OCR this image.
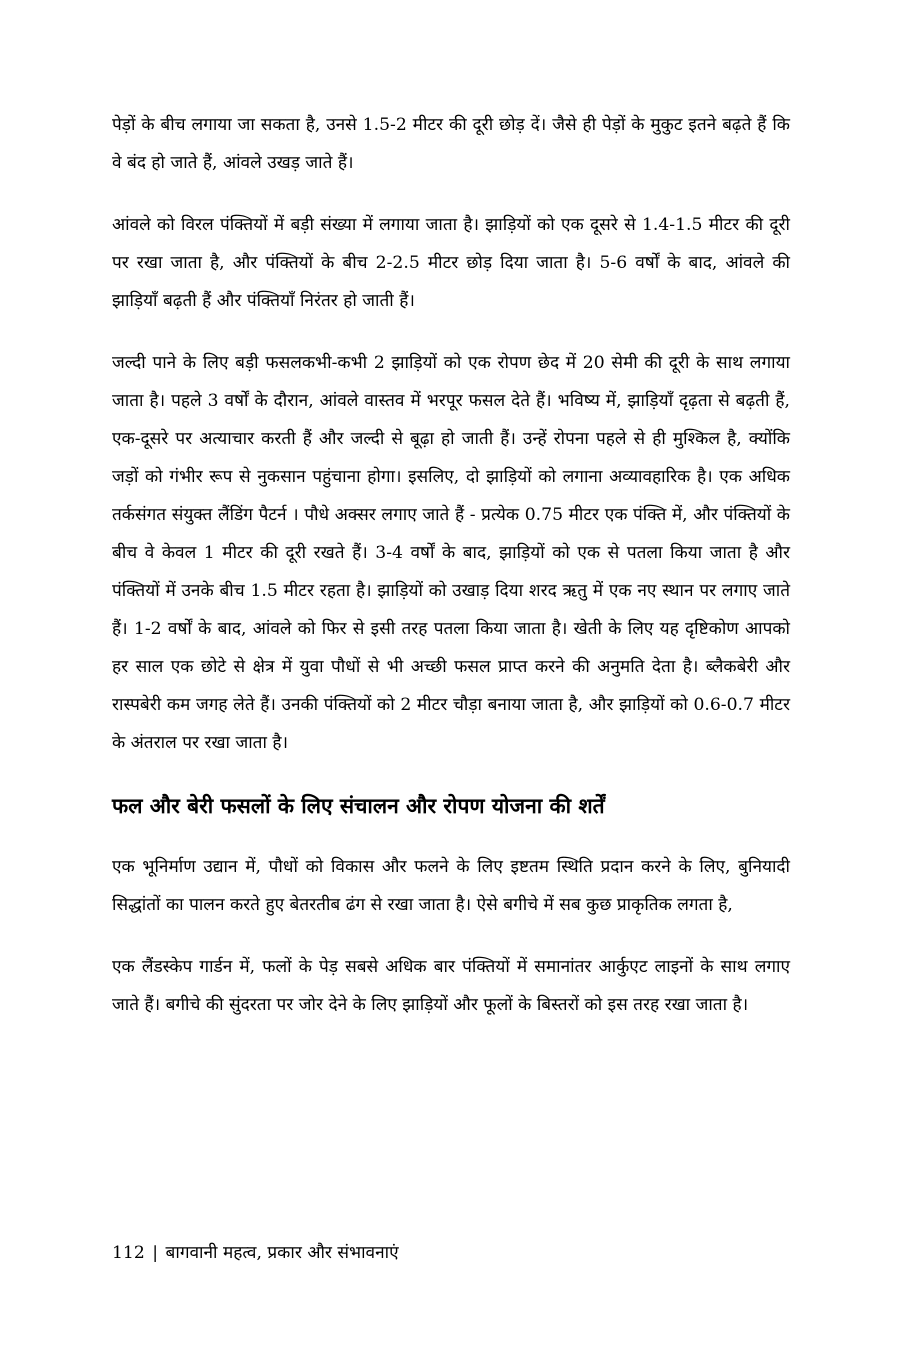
पेड़ों के बीच लगाया जा सकता है, उनसे 1.5-2 मीटर की दूरी छोड़ दें। जैसे ही पेड़ों के मुकुट इतने बढ़ते हैं कि वे बंद हो जाते हैं, आंवले उखड़ जाते हैं।

आंवले को विरल पंक्तियों में बड़ी संख्या में लगाया जाता है। झाड़ियों को एक दूसरे से 1.4-1.5 मीटर की दूरी पर रखा जाता है, और पंक्तियों के बीच 2-2.5 मीटर छोड़ दिया जाता है। 5-6 वर्षों के बाद, आंवले की झाड़ियाँ बढ़ती हैं और पंक्तियाँ निरंतर हो जाती हैं।

जल्दी पाने के लिए बड़ी फसलकभी-कभी 2 झाड़ियों को एक रोपण छेद में 20 सेमी की दूरी के साथ लगाया जाता है। पहले 3 वर्षों के दौरान, आंवले वास्तव में भरपूर फसल देते हैं। भविष्य में, झाड़ियाँ दृढ़ता से बढ़ती हैं, एक-दूसरे पर अत्याचार करती हैं और जल्दी से बूढ़ा हो जाती हैं। उन्हें रोपना पहले से ही मुश्किल है, क्योंकि जड़ों को गंभीर रूप से नुकसान पहुंचाना होगा। इसलिए, दो झाड़ियों को लगाना अव्यावहारिक है। एक अधिक तर्कसंगत संयुक्त लैंडिंग पैटर्न । पौधे अक्सर लगाए जाते हैं - प्रत्येक 0.75 मीटर एक पंक्ति में, और पंक्तियों के बीच वे केवल 1 मीटर की दूरी रखते हैं। 3-4 वर्षों के बाद, झाड़ियों को एक से पतला किया जाता है और पंक्तियों में उनके बीच 1.5 मीटर रहता है। झाड़ियों को उखाड़ दिया शरद ऋतु में एक नए स्थान पर लगाए जाते हैं। 1-2 वर्षों के बाद, आंवले को फिर से इसी तरह पतला किया जाता है। खेती के लिए यह दृष्टिकोण आपको हर साल एक छोटे से क्षेत्र में युवा पौधों से भी अच्छी फसल प्राप्त करने की अनुमति देता है। ब्लैकबेरी और रास्पबेरी कम जगह लेते हैं। उनकी पंक्तियों को 2 मीटर चौड़ा बनाया जाता है, और झाड़ियों को 0.6-0.7 मीटर के अंतराल पर रखा जाता है।

फल और बेरी फसलों के लिए संचालन और रोपण योजना की शर्तें

एक भूनिर्माण उद्यान में, पौधों को विकास और फलने के लिए इष्टतम स्थिति प्रदान करने के लिए, बुनियादी सिद्धांतों का पालन करते हुए बेतरतीब ढंग से रखा जाता है। ऐसे बगीचे में सब कुछ प्राकृतिक लगता है,

एक लैंडस्केप गार्डन में, फलों के पेड़ सबसे अधिक बार पंक्तियों में समानांतर आर्कुएट लाइनों के साथ लगाए जाते हैं। बगीचे की सुंदरता पर जोर देने के लिए झाड़ियों और फूलों के बिस्तरों को इस तरह रखा जाता है।

112 | बागवानी महत्व, प्रकार और संभावनाएं
